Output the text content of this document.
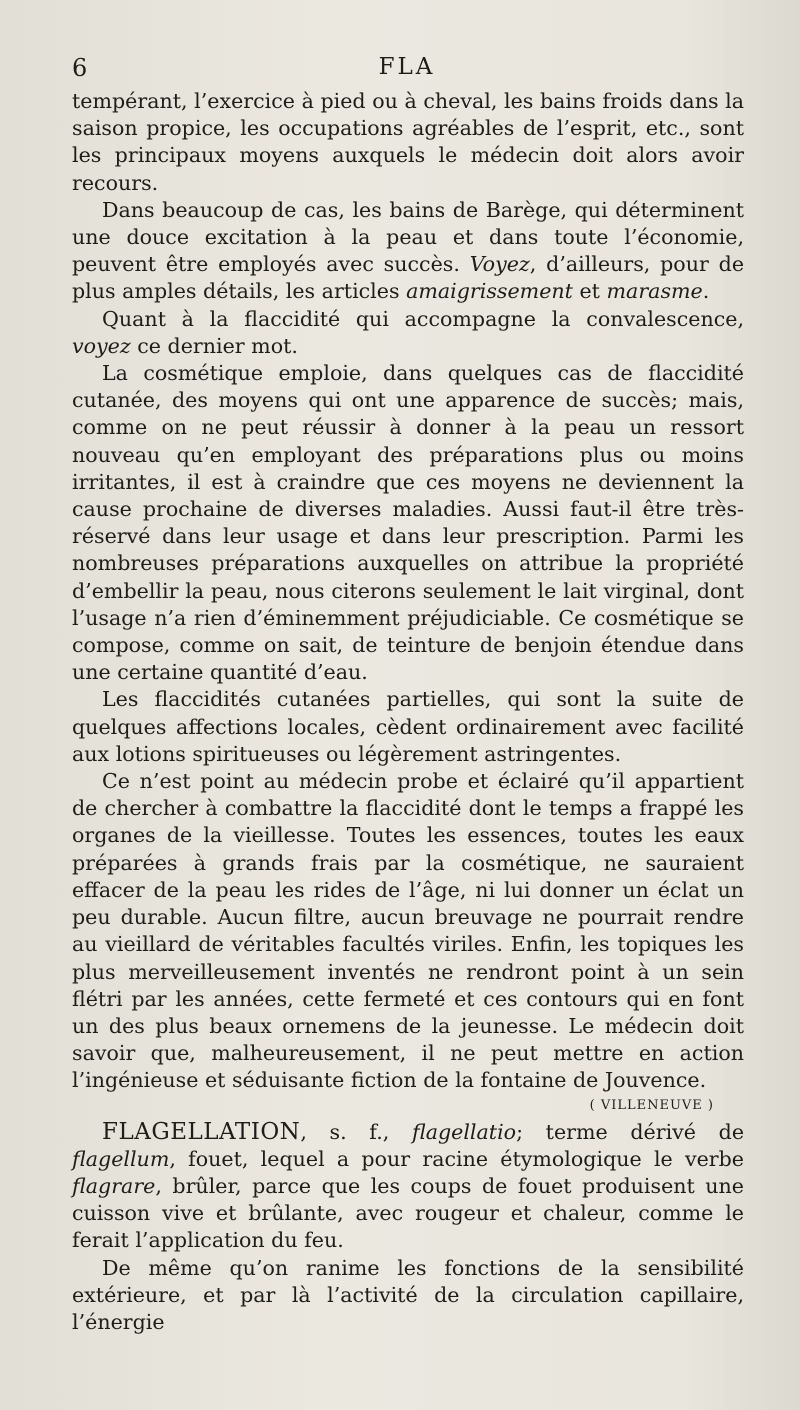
6	FLA

tempérant, l’exercice à pied ou à cheval, les bains froids dans la saison propice, les occupations agréables de l’esprit, etc., sont les principaux moyens auxquels le médecin doit alors avoir recours.

Dans beaucoup de cas, les bains de Barège, qui déterminent une douce excitation à la peau et dans toute l’économie, peuvent être employés avec succès. Voyez, d’ailleurs, pour de plus amples détails, les articles amaigrissement et marasme.

Quant à la flaccidité qui accompagne la convalescence, voyez ce dernier mot.

La cosmétique emploie, dans quelques cas de flaccidité cutanée, des moyens qui ont une apparence de succès; mais, comme on ne peut réussir à donner à la peau un ressort nouveau qu’en employant des préparations plus ou moins irritantes, il est à craindre que ces moyens ne deviennent la cause prochaine de diverses maladies. Aussi faut-il être très-réservé dans leur usage et dans leur prescription. Parmi les nombreuses préparations auxquelles on attribue la propriété d’embellir la peau, nous citerons seulement le lait virginal, dont l’usage n’a rien d’éminemment préjudiciable. Ce cosmétique se compose, comme on sait, de teinture de benjoin étendue dans une certaine quantité d’eau.

Les flaccidités cutanées partielles, qui sont la suite de quelques affections locales, cèdent ordinairement avec facilité aux lotions spiritueuses ou légèrement astringentes.

Ce n’est point au médecin probe et éclairé qu’il appartient de chercher à combattre la flaccidité dont le temps a frappé les organes de la vieillesse. Toutes les essences, toutes les eaux préparées à grands frais par la cosmétique, ne sauraient effacer de la peau les rides de l’âge, ni lui donner un éclat un peu durable. Aucun filtre, aucun breuvage ne pourrait rendre au vieillard de véritables facultés viriles. Enfin, les topiques les plus merveilleusement inventés ne rendront point à un sein flétri par les années, cette fermeté et ces contours qui en font un des plus beaux ornemens de la jeunesse. Le médecin doit savoir que, malheureusement, il ne peut mettre en action l’ingénieuse et séduisante fiction de la fontaine de Jouvence.

( VILLENEUVE )

FLAGELLATION, s. f., flagellatio; terme dérivé de flagellum, fouet, lequel a pour racine étymologique le verbe flagrare, brûler, parce que les coups de fouet produisent une cuisson vive et brûlante, avec rougeur et chaleur, comme le ferait l’application du feu.

De même qu’on ranime les fonctions de la sensibilité extérieure, et par là l’activité de la circulation capillaire, l’énergie
